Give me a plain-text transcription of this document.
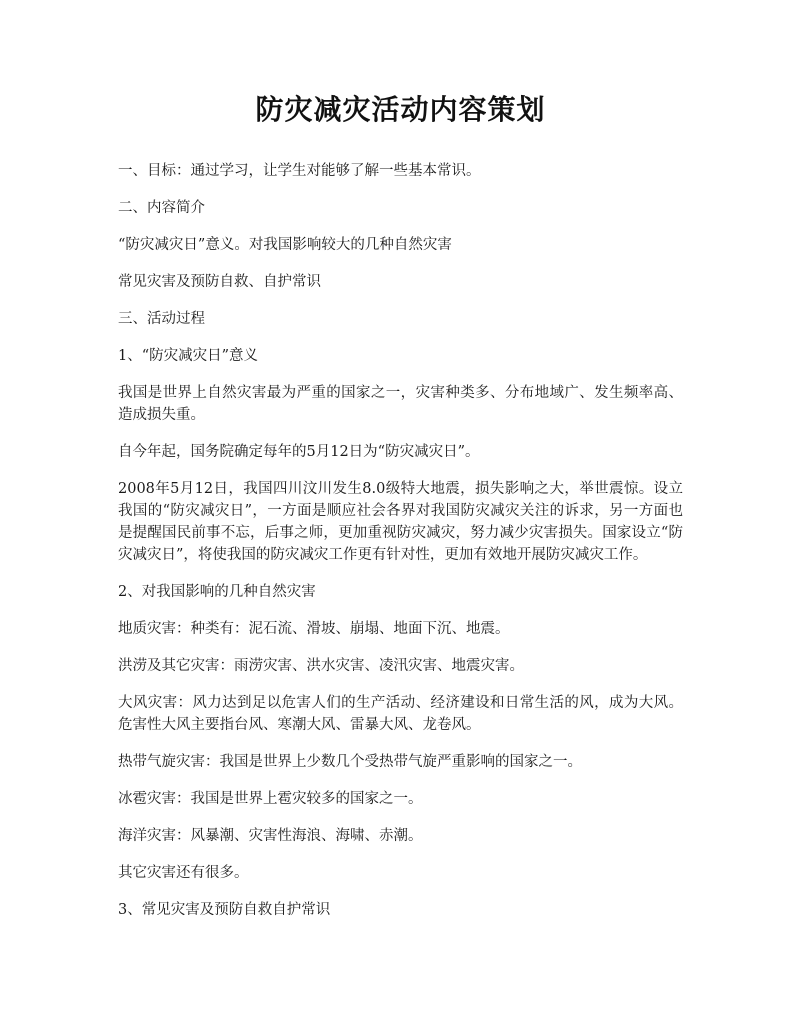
防灾减灾活动内容策划

一、目标：通过学习，让学生对能够了解一些基本常识。

二、内容简介

“防灾减灾日”意义。对我国影响较大的几种自然灾害

常见灾害及预防自救、自护常识

三、活动过程

1、“防灾减灾日”意义

我国是世界上自然灾害最为严重的国家之一，灾害种类多、分布地域广、发生频率高、造成损失重。

自今年起，国务院确定每年的5月12日为“防灾减灾日”。

2008年5月12日，我国四川汶川发生8.0级特大地震，损失影响之大，举世震惊。设立我国的“防灾减灾日”，一方面是顺应社会各界对我国防灾减灾关注的诉求，另一方面也是提醒国民前事不忘，后事之师，更加重视防灾减灾，努力减少灾害损失。国家设立“防灾减灾日”，将使我国的防灾减灾工作更有针对性，更加有效地开展防灾减灾工作。

2、对我国影响的几种自然灾害

地质灾害：种类有：泥石流、滑坡、崩塌、地面下沉、地震。

洪涝及其它灾害：雨涝灾害、洪水灾害、凌汛灾害、地震灾害。

大风灾害：风力达到足以危害人们的生产活动、经济建设和日常生活的风，成为大风。危害性大风主要指台风、寒潮大风、雷暴大风、龙卷风。

热带气旋灾害：我国是世界上少数几个受热带气旋严重影响的国家之一。

冰雹灾害：我国是世界上雹灾较多的国家之一。

海洋灾害：风暴潮、灾害性海浪、海啸、赤潮。

其它灾害还有很多。

3、常见灾害及预防自救自护常识
